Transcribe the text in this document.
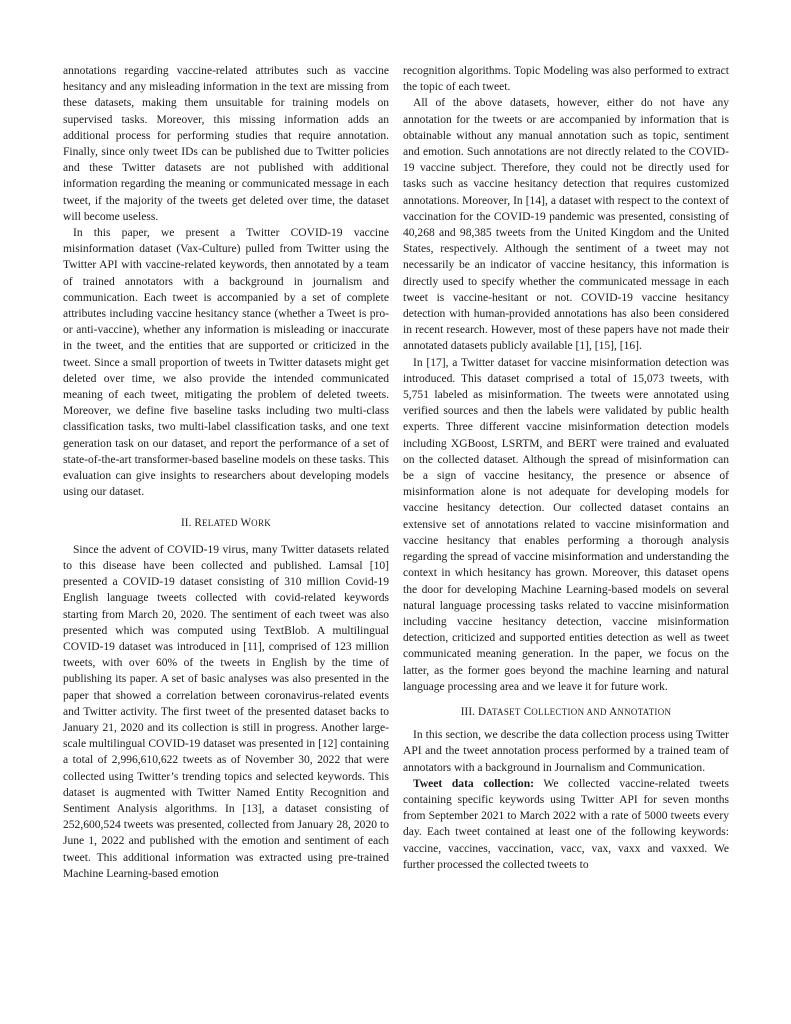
annotations regarding vaccine-related attributes such as vaccine hesitancy and any misleading information in the text are missing from these datasets, making them unsuitable for training models on supervised tasks. Moreover, this missing information adds an additional process for performing studies that require annotation. Finally, since only tweet IDs can be published due to Twitter policies and these Twitter datasets are not published with additional information regarding the meaning or communicated message in each tweet, if the majority of the tweets get deleted over time, the dataset will become useless.

In this paper, we present a Twitter COVID-19 vaccine misinformation dataset (Vax-Culture) pulled from Twitter using the Twitter API with vaccine-related keywords, then annotated by a team of trained annotators with a background in journalism and communication. Each tweet is accompanied by a set of complete attributes including vaccine hesitancy stance (whether a Tweet is pro- or anti-vaccine), whether any information is misleading or inaccurate in the tweet, and the entities that are supported or criticized in the tweet. Since a small proportion of tweets in Twitter datasets might get deleted over time, we also provide the intended communicated meaning of each tweet, mitigating the problem of deleted tweets. Moreover, we define five baseline tasks including two multi-class classification tasks, two multi-label classification tasks, and one text generation task on our dataset, and report the performance of a set of state-of-the-art transformer-based baseline models on these tasks. This evaluation can give insights to researchers about developing models using our dataset.

II. RELATED WORK

Since the advent of COVID-19 virus, many Twitter datasets related to this disease have been collected and published. Lamsal [10] presented a COVID-19 dataset consisting of 310 million Covid-19 English language tweets collected with covid-related keywords starting from March 20, 2020. The sentiment of each tweet was also presented which was computed using TextBlob. A multilingual COVID-19 dataset was introduced in [11], comprised of 123 million tweets, with over 60% of the tweets in English by the time of publishing its paper. A set of basic analyses was also presented in the paper that showed a correlation between coronavirus-related events and Twitter activity. The first tweet of the presented dataset backs to January 21, 2020 and its collection is still in progress. Another large-scale multilingual COVID-19 dataset was presented in [12] containing a total of 2,996,610,622 tweets as of November 30, 2022 that were collected using Twitter’s trending topics and selected keywords. This dataset is augmented with Twitter Named Entity Recognition and Sentiment Analysis algorithms. In [13], a dataset consisting of 252,600,524 tweets was presented, collected from January 28, 2020 to June 1, 2022 and published with the emotion and sentiment of each tweet. This additional information was extracted using pre-trained Machine Learning-based emotion

recognition algorithms. Topic Modeling was also performed to extract the topic of each tweet.

All of the above datasets, however, either do not have any annotation for the tweets or are accompanied by information that is obtainable without any manual annotation such as topic, sentiment and emotion. Such annotations are not directly related to the COVID-19 vaccine subject. Therefore, they could not be directly used for tasks such as vaccine hesitancy detection that requires customized annotations. Moreover, In [14], a dataset with respect to the context of vaccination for the COVID-19 pandemic was presented, consisting of 40,268 and 98,385 tweets from the United Kingdom and the United States, respectively. Although the sentiment of a tweet may not necessarily be an indicator of vaccine hesitancy, this information is directly used to specify whether the communicated message in each tweet is vaccine-hesitant or not. COVID-19 vaccine hesitancy detection with human-provided annotations has also been considered in recent research. However, most of these papers have not made their annotated datasets publicly available [1], [15], [16].

In [17], a Twitter dataset for vaccine misinformation detection was introduced. This dataset comprised a total of 15,073 tweets, with 5,751 labeled as misinformation. The tweets were annotated using verified sources and then the labels were validated by public health experts. Three different vaccine misinformation detection models including XGBoost, LSRTM, and BERT were trained and evaluated on the collected dataset. Although the spread of misinformation can be a sign of vaccine hesitancy, the presence or absence of misinformation alone is not adequate for developing models for vaccine hesitancy detection. Our collected dataset contains an extensive set of annotations related to vaccine misinformation and vaccine hesitancy that enables performing a thorough analysis regarding the spread of vaccine misinformation and understanding the context in which hesitancy has grown. Moreover, this dataset opens the door for developing Machine Learning-based models on several natural language processing tasks related to vaccine misinformation including vaccine hesitancy detection, vaccine misinformation detection, criticized and supported entities detection as well as tweet communicated meaning generation. In the paper, we focus on the latter, as the former goes beyond the machine learning and natural language processing area and we leave it for future work.

III. DATASET COLLECTION AND ANNOTATION

In this section, we describe the data collection process using Twitter API and the tweet annotation process performed by a trained team of annotators with a background in Journalism and Communication.

Tweet data collection: We collected vaccine-related tweets containing specific keywords using Twitter API for seven months from September 2021 to March 2022 with a rate of 5000 tweets every day. Each tweet contained at least one of the following keywords: vaccine, vaccines, vaccination, vacc, vax, vaxx and vaxxed. We further processed the collected tweets to
